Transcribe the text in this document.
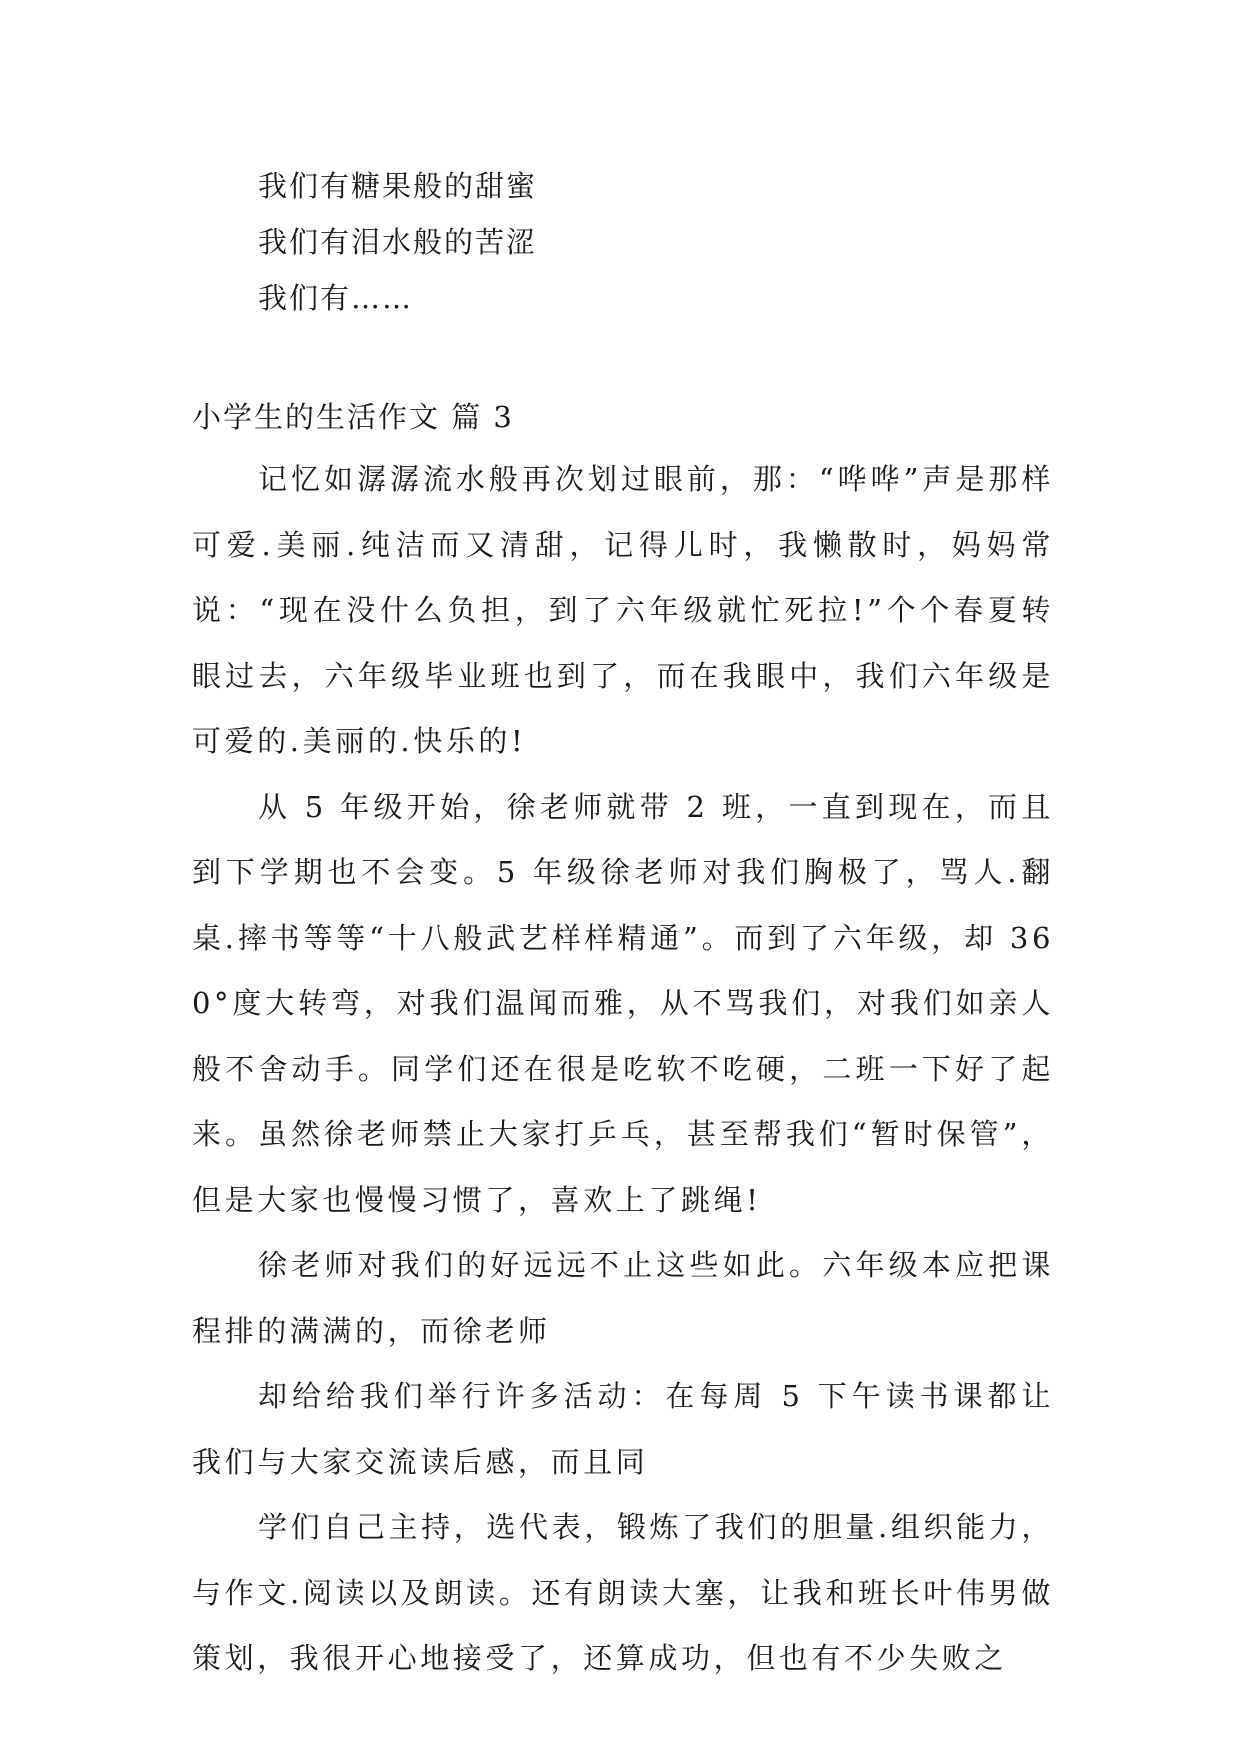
我们有糖果般的甜蜜
我们有泪水般的苦涩
我们有……
小学生的生活作文 篇 3

记忆如潺潺流水般再次划过眼前，那：“哗哗”声是那样可爱.美丽.纯洁而又清甜，记得儿时，我懒散时，妈妈常说：“现在没什么负担，到了六年级就忙死拉!”个个春夏转眼过去，六年级毕业班也到了，而在我眼中，我们六年级是可爱的.美丽的.快乐的!

从 5 年级开始，徐老师就带 2 班，一直到现在，而且到下学期也不会变。5 年级徐老师对我们胸极了，骂人.翻桌.摔书等等“十八般武艺样样精通”。而到了六年级，却 360°度大转弯，对我们温闻而雅，从不骂我们，对我们如亲人般不舍动手。同学们还在很是吃软不吃硬，二班一下好了起来。虽然徐老师禁止大家打乒乓，甚至帮我们“暂时保管”，但是大家也慢慢习惯了，喜欢上了跳绳!

徐老师对我们的好远远不止这些如此。六年级本应把课程排的满满的，而徐老师

却给给我们举行许多活动：在每周 5 下午读书课都让我们与大家交流读后感，而且同

学们自己主持，选代表，锻炼了我们的胆量.组织能力，与作文.阅读以及朗读。还有朗读大塞，让我和班长叶伟男做策划，我很开心地接受了，还算成功，但也有不少失败之
